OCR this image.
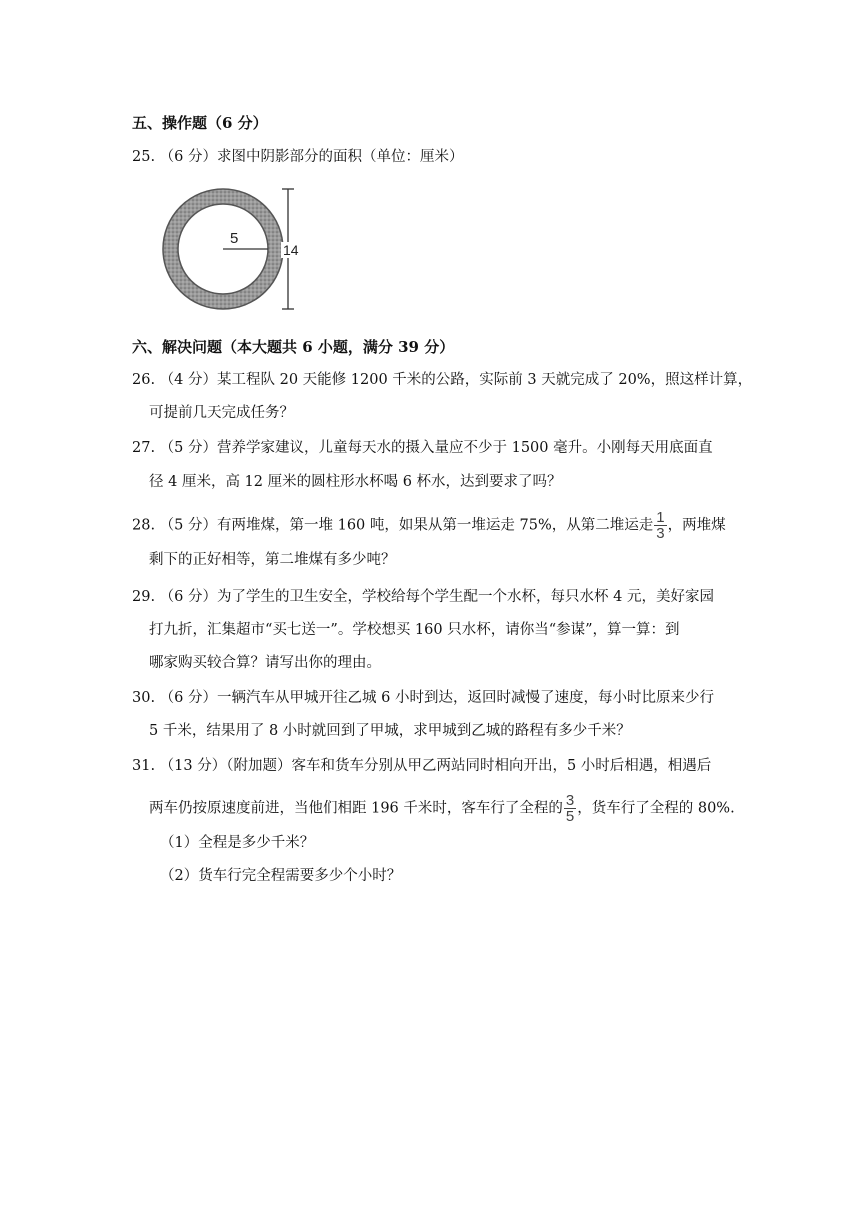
五、操作题（6 分）
25. （6 分）求图中阴影部分的面积（单位：厘米）
5
14
六、解决问题（本大题共 6 小题，满分 39 分）
26. （4 分）某工程队 20 天能修 1200 千米的公路，实际前 3 天就完成了 20%，照这样计算，
可提前几天完成任务？
27. （5 分）营养学家建议，儿童每天水的摄入量应不少于 1500 毫升。小刚每天用底面直
径 4 厘米，高 12 厘米的圆柱形水杯喝 6 杯水，达到要求了吗？
28. （5 分）有两堆煤，第一堆 160 吨，如果从第一堆运走 75%，从第二堆运走 $\frac{1}{3}$ ，两堆煤
剩下的正好相等，第二堆煤有多少吨？
29. （6 分）为了学生的卫生安全，学校给每个学生配一个水杯，每只水杯 4 元，美好家园
打九折，汇集超市“买七送一”。学校想买 160 只水杯，请你当“参谋”，算一算：到
哪家购买较合算？请写出你的理由。
30. （6 分）一辆汽车从甲城开往乙城 6 小时到达，返回时减慢了速度，每小时比原来少行
5 千米，结果用了 8 小时就回到了甲城，求甲城到乙城的路程有多少千米？
31. （13 分）（附加题）客车和货车分别从甲乙两站同时相向开出，5 小时后相遇，相遇后
两车仍按原速度前进，当他们相距 196 千米时，客车行了全程的 $\frac{3}{5}$ ，货车行了全程的 80%.
（1）全程是多少千米？
（2）货车行完全程需要多少个小时？
